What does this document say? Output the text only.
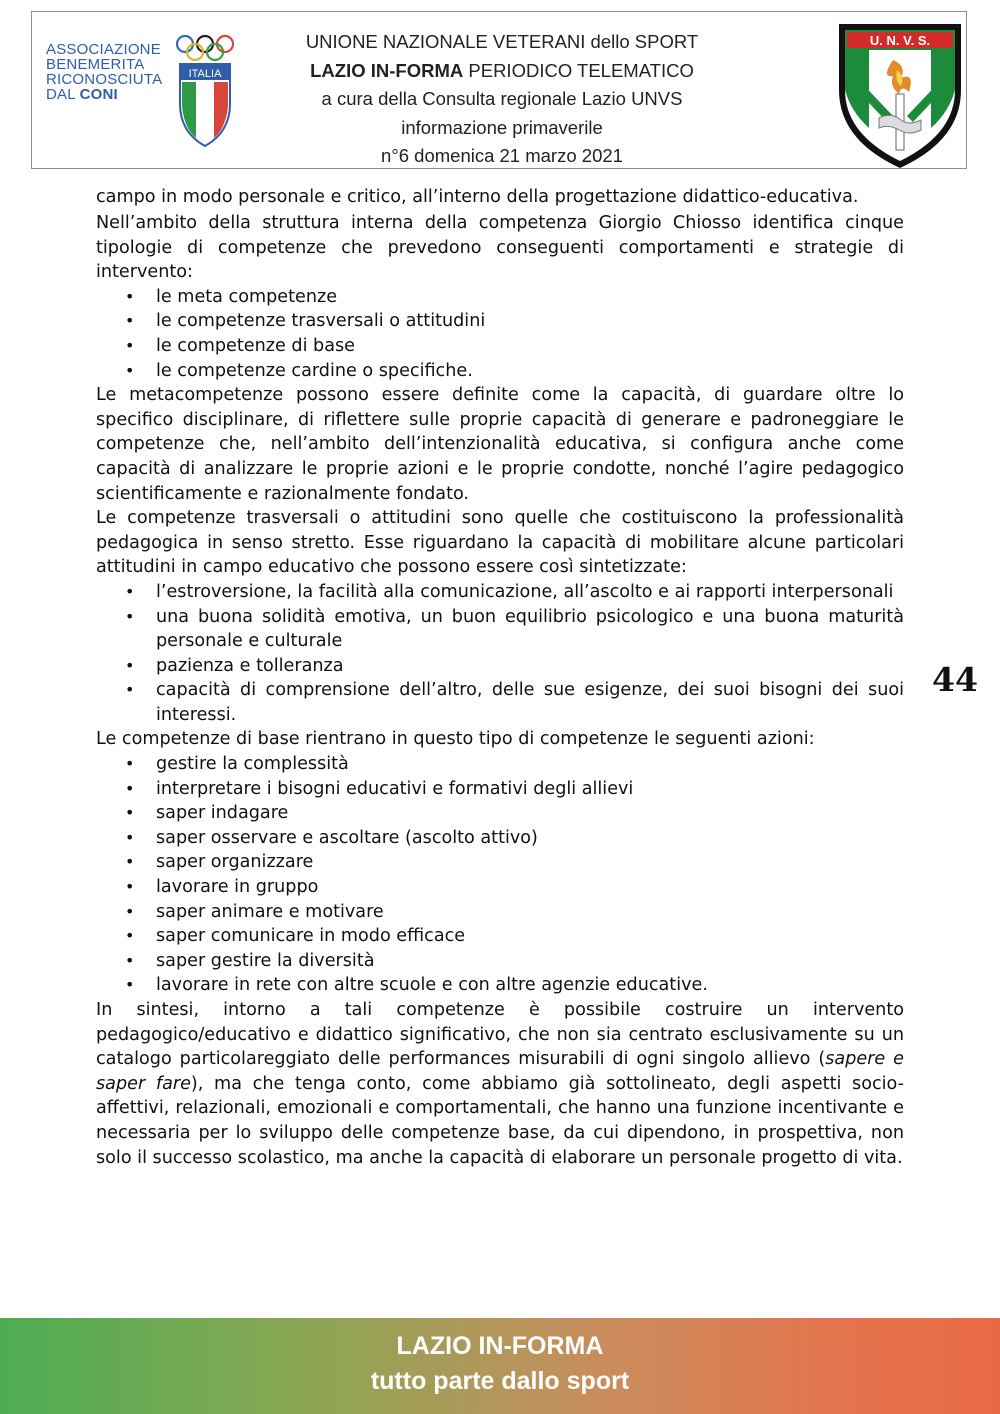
ASSOCIAZIONE
BENEMERITA
RICONOSCIUTA
DAL CONI
ITALIA
UNIONE NAZIONALE VETERANI dello SPORT
LAZIO IN-FORMA PERIODICO TELEMATICO
a cura della Consulta regionale Lazio UNVS
informazione primaverile
n°6 domenica 21 marzo 2021
U. N. V. S.

campo in modo personale e critico, all’interno della progettazione didattico-educativa.

Nell’ambito della struttura interna della competenza Giorgio Chiosso identifica cinque tipologie di competenze che prevedono conseguenti comportamenti e strategie di intervento:

• le meta competenze
• le competenze trasversali o attitudini
• le competenze di base
• le competenze cardine o specifiche.

Le metacompetenze possono essere definite come la capacità, di guardare oltre lo specifico disciplinare, di riflettere sulle proprie capacità di generare e padroneggiare le competenze che, nell’ambito dell’intenzionalità educativa, si configura anche come capacità di analizzare le proprie azioni e le proprie condotte, nonché l’agire pedagogico scientificamente e razionalmente fondato.

Le competenze trasversali o attitudini sono quelle che costituiscono la professionalità pedagogica in senso stretto. Esse riguardano la capacità di mobilitare alcune particolari attitudini in campo educativo che possono essere così sintetizzate:

• l’estroversione, la facilità alla comunicazione, all’ascolto e ai rapporti interpersonali
• una buona solidità emotiva, un buon equilibrio psicologico e una buona maturità personale e culturale
• pazienza e tolleranza
• capacità di comprensione dell’altro, delle sue esigenze, dei suoi bisogni dei suoi interessi.

Le competenze di base rientrano in questo tipo di competenze le seguenti azioni:

• gestire la complessità
• interpretare i bisogni educativi e formativi degli allievi
• saper indagare
• saper osservare e ascoltare (ascolto attivo)
• saper organizzare
• lavorare in gruppo
• saper animare e motivare
• saper comunicare in modo efficace
• saper gestire la diversità
• lavorare in rete con altre scuole e con altre agenzie educative.

In sintesi, intorno a tali competenze è possibile costruire un intervento pedagogico/educativo e didattico significativo, che non sia centrato esclusivamente su un catalogo particolareggiato delle performances misurabili di ogni singolo allievo (sapere e saper fare), ma che tenga conto, come abbiamo già sottolineato, degli aspetti socio-affettivi, relazionali, emozionali e comportamentali, che hanno una funzione incentivante e necessaria per lo sviluppo delle competenze base, da cui dipendono, in prospettiva, non solo il successo scolastico, ma anche la capacità di elaborare un personale progetto di vita.

44
LAZIO IN-FORMA
tutto parte dallo sport
